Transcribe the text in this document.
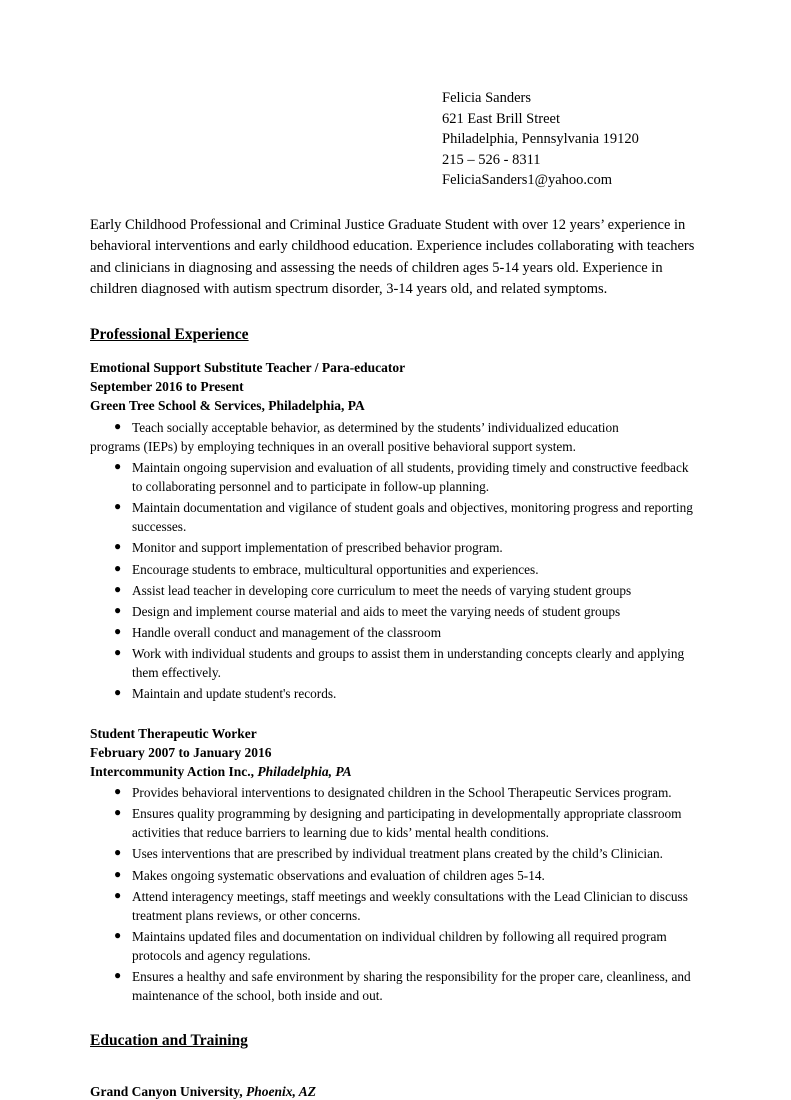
Felicia Sanders
621 East Brill Street
Philadelphia, Pennsylvania 19120
215 – 526 - 8311
FeliciaSanders1@yahoo.com
Early Childhood Professional and Criminal Justice Graduate Student with over 12 years’ experience in behavioral interventions and early childhood education. Experience includes collaborating with teachers and clinicians in diagnosing and assessing the needs of children ages 5-14 years old. Experience in children diagnosed with autism spectrum disorder, 3-14 years old, and related symptoms.
Professional Experience
Emotional Support Substitute Teacher / Para-educator
September 2016 to Present
Green Tree School & Services, Philadelphia, PA
● Teach socially acceptable behavior, as determined by the students’ individualized education
programs (IEPs) by employing techniques in an overall positive behavioral support system.
● Maintain ongoing supervision and evaluation of all students, providing timely and constructive feedback to collaborating personnel and to participate in follow-up planning.
● Maintain documentation and vigilance of student goals and objectives, monitoring progress and reporting successes.
● Monitor and support implementation of prescribed behavior program.
● Encourage students to embrace, multicultural opportunities and experiences.
● Assist lead teacher in developing core curriculum to meet the needs of varying student groups
● Design and implement course material and aids to meet the varying needs of student groups
● Handle overall conduct and management of the classroom
● Work with individual students and groups to assist them in understanding concepts clearly and applying them effectively.
● Maintain and update student's records.
Student Therapeutic Worker
February 2007 to January 2016
Intercommunity Action Inc., Philadelphia, PA
● Provides behavioral interventions to designated children in the School Therapeutic Services program.
● Ensures quality programming by designing and participating in developmentally appropriate classroom activities that reduce barriers to learning due to kids’ mental health conditions.
● Uses interventions that are prescribed by individual treatment plans created by the child’s Clinician.
● Makes ongoing systematic observations and evaluation of children ages 5-14.
● Attend interagency meetings, staff meetings and weekly consultations with the Lead Clinician to discuss treatment plans reviews, or other concerns.
● Maintains updated files and documentation on individual children by following all required program protocols and agency regulations.
● Ensures a healthy and safe environment by sharing the responsibility for the proper care, cleanliness, and maintenance of the school, both inside and out.
Education and Training
Grand Canyon University, Phoenix, AZ
